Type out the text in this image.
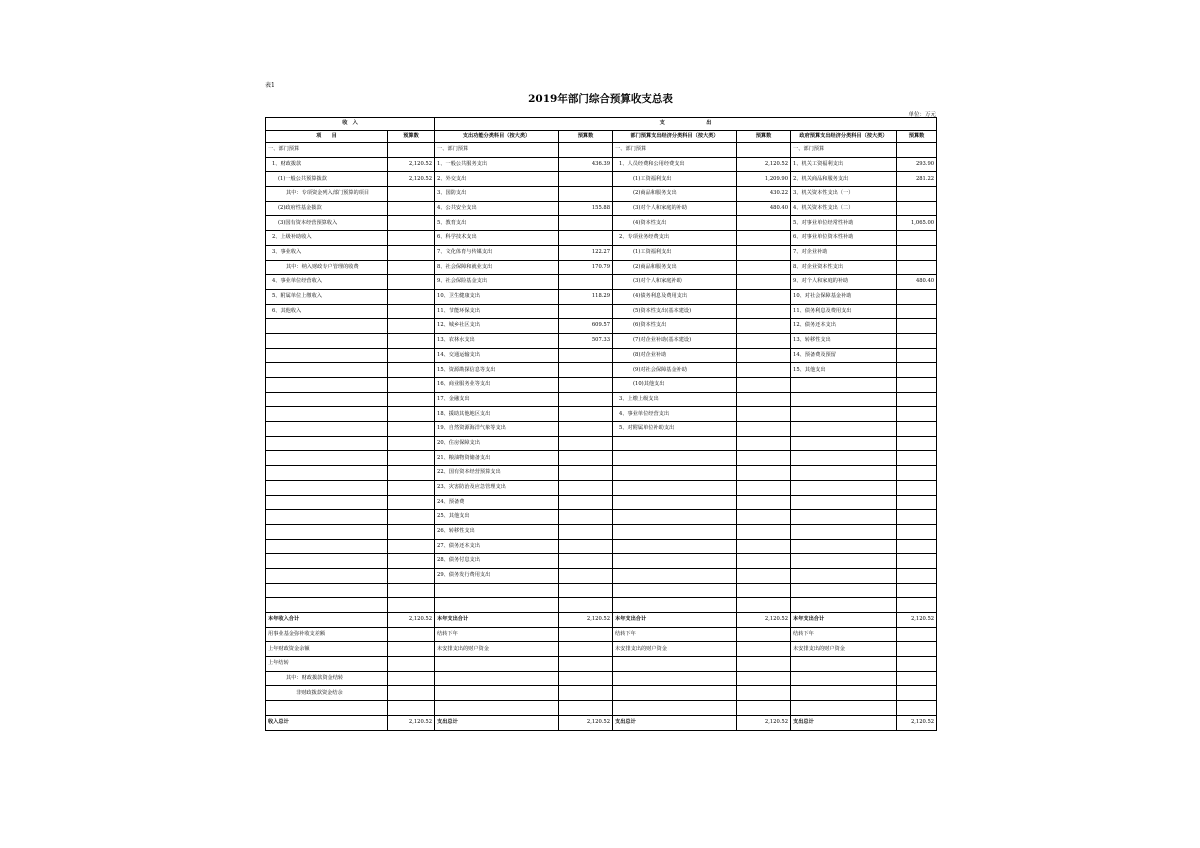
表1
2019年部门综合预算收支总表
单位：万元
收　入		支　　　　　　　　出					
项　　目	预算数	支出功能分类科目（按大类）	预算数	部门预算支出经济分类科目（按大类）	预算数	政府预算支出经济分类科目（按大类）	预算数
一、部门预算		一、部门预算		一、部门预算		一、部门预算	
1、财政拨款	2,120.52	1、一般公共服务支出	436.39	1、人员经费和公用经费支出	2,120.52	1、机关工资福利支出	293.90
(1)一般公共预算拨款	2,120.52	2、外交支出		(1)工资福利支出	1,209.90	2、机关商品和服务支出	281.22
其中：专项资金列入部门预算的项目		3、国防支出		(2)商品和服务支出	430.22	3、机关资本性支出（一）	
(2)政府性基金拨款		4、公共安全支出	155.88	(3)对个人和家庭的补助	480.40	4、机关资本性支出（二）	
(3)国有资本经营预算收入		5、教育支出		(4)资本性支出		5、对事业单位经常性补助	1,065.00
2、上级补助收入		6、科学技术支出		2、专项业务经费支出		6、对事业单位资本性补助	
3、事业收入		7、文化体育与传媒支出	122.27	(1)工资福利支出		7、对企业补助	
其中：纳入财政专户管理的收费		8、社会保障和就业支出	170.79	(2)商品和服务支出		8、对企业资本性支出	
4、事业单位经营收入		9、社会保险基金支出		(3)对个人和家庭补助		9、对个人和家庭的补助	480.40
5、附属单位上缴收入		10、卫生健康支出	118.29	(4)债务利息及费用支出		10、对社会保障基金补助	
6、其他收入		11、节能环保支出		(5)资本性支出(基本建设)		11、债务利息及费用支出	
		12、城乡社区支出	609.57	(6)资本性支出		12、债务还本支出	
		13、农林水支出	507.33	(7)对企业补助(基本建设)		13、转移性支出	
		14、交通运输支出		(8)对企业补助		14、预备费及预留	
		15、资源勘探信息等支出		(9)对社会保障基金补助		15、其他支出	
		16、商业服务业等支出		(10)其他支出			
		17、金融支出		3、上缴上级支出			
		18、援助其他地区支出		4、事业单位经营支出			
		19、自然资源海洋气象等支出		5、对附属单位补助支出			
		20、住房保障支出					
		21、粮油物资储备支出					
		22、国有资本经营预算支出					
		23、灾害防治及应急管理支出					
		24、预备费					
		25、其他支出					
		26、转移性支出					
		27、债务还本支出					
		28、债务付息支出					
		29、债务发行费用支出					

本年收入合计	2,120.52	本年支出合计	2,120.52	本年支出合计	2,120.52	本年支出合计	2,120.52
用事业基金弥补收支差额		结转下年		结转下年		结转下年	
上年财政资金余额		未安排支出的财户资金		未安排支出的财户资金		未安排支出的财户资金	
上年结转							
其中：财政拨款资金结转							
非财政拨款资金结余							

收入总计	2,120.52	支出总计	2,120.52	支出总计	2,120.52	支出总计	2,120.52
